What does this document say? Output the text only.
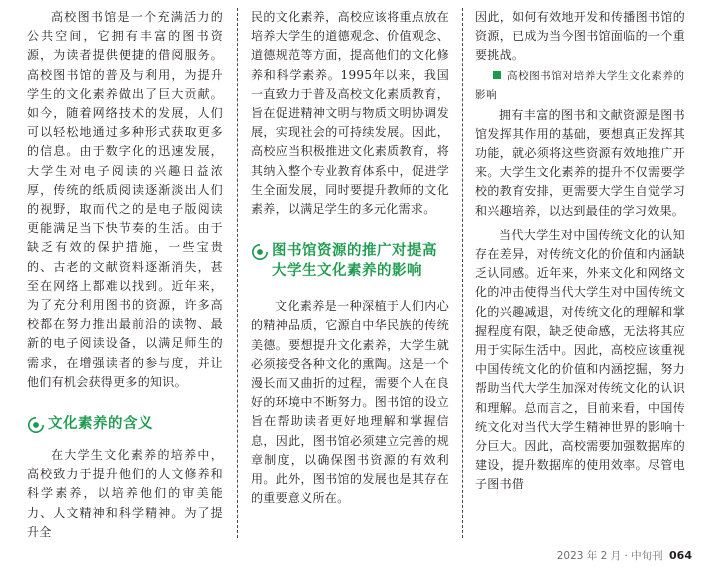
高校图书馆是一个充满活力的公共空间，它拥有丰富的图书资源，为读者提供便捷的借阅服务。高校图书馆的普及与利用，为提升学生的文化素养做出了巨大贡献。如今，随着网络技术的发展，人们可以轻松地通过多种形式获取更多的信息。由于数字化的迅速发展，大学生对电子阅读的兴趣日益浓厚，传统的纸质阅读逐渐淡出人们的视野，取而代之的是电子版阅读更能满足当下快节奏的生活。由于缺乏有效的保护措施，一些宝贵的、古老的文献资料逐渐消失，甚至在网络上都难以找到。近年来，为了充分利用图书的资源，许多高校都在努力推出最前沿的读物、最新的电子阅读设备，以满足师生的需求，在增强读者的参与度，并让他们有机会获得更多的知识。

文化素养的含义

在大学生文化素养的培养中，高校致力于提升他们的人文修养和科学素养，以培养他们的审美能力、人文精神和科学精神。为了提升全

民的文化素养，高校应该将重点放在培养大学生的道德观念、价值观念、道德规范等方面，提高他们的文化修养和科学素养。1995年以来，我国一直致力于普及高校文化素质教育，旨在促进精神文明与物质文明协调发展，实现社会的可持续发展。因此，高校应当积极推进文化素质教育，将其纳入整个专业教育体系中，促进学生全面发展，同时要提升教师的文化素养，以满足学生的多元化需求。

图书馆资源的推广对提高大学生文化素养的影响

文化素养是一种深植于人们内心的精神品质，它源自中华民族的传统美德。要想提升文化素养，大学生就必须接受各种文化的熏陶。这是一个漫长而又曲折的过程，需要个人在良好的环境中不断努力。图书馆的设立旨在帮助读者更好地理解和掌握信息，因此，图书馆必须建立完善的规章制度，以确保图书资源的有效利用。此外，图书馆的发展也是其存在的重要意义所在。

因此，如何有效地开发和传播图书馆的资源，已成为当今图书馆面临的一个重要挑战。

高校图书馆对培养大学生文化素养的影响

拥有丰富的图书和文献资源是图书馆发挥其作用的基础，要想真正发挥其功能，就必须将这些资源有效地推广开来。大学生文化素养的提升不仅需要学校的教育安排，更需要大学生自觉学习和兴趣培养，以达到最佳的学习效果。

当代大学生对中国传统文化的认知存在差异，对传统文化的价值和内涵缺乏认同感。近年来，外来文化和网络文化的冲击使得当代大学生对中国传统文化的兴趣减退，对传统文化的理解和掌握程度有限，缺乏使命感，无法将其应用于实际生活中。因此，高校应该重视中国传统文化的价值和内涵挖掘，努力帮助当代大学生加深对传统文化的认识和理解。总而言之，目前来看，中国传统文化对当代大学生精神世界的影响十分巨大。因此，高校需要加强数据库的建设，提升数据库的使用效率。尽管电子图书借

2023 年 2 月 · 中旬刊 064
